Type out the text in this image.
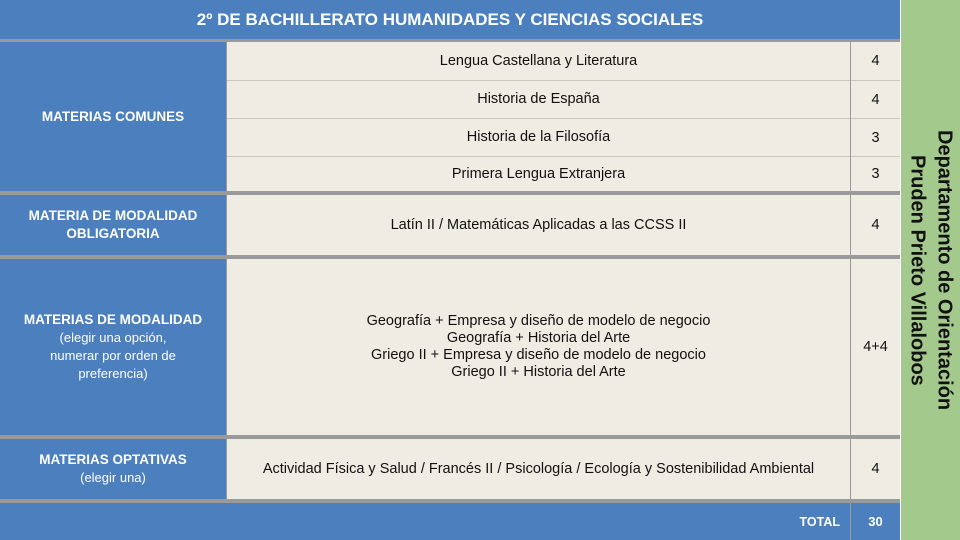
2º DE BACHILLERATO HUMANIDADES Y CIENCIAS SOCIALES
MATERIAS COMUNES
Lengua Castellana y Literatura	4
Historia de España	4
Historia de la Filosofía	3
Primera Lengua Extranjera	3
MATERIA DE MODALIDAD
OBLIGATORIA
Latín II / Matemáticas Aplicadas a las CCSS II	4
MATERIAS DE MODALIDAD
(elegir una opción,
numerar por orden de
preferencia)
Geografía + Empresa y diseño de modelo de negocio
Geografía + Historia del Arte
Griego II + Empresa y diseño de modelo de negocio
Griego II + Historia del Arte
4+4
MATERIAS OPTATIVAS
(elegir una)
Actividad Física y Salud / Francés II / Psicología / Ecología y Sostenibilidad Ambiental	4
TOTAL	30
Departamento de Orientación
Pruden Prieto Villalobos
